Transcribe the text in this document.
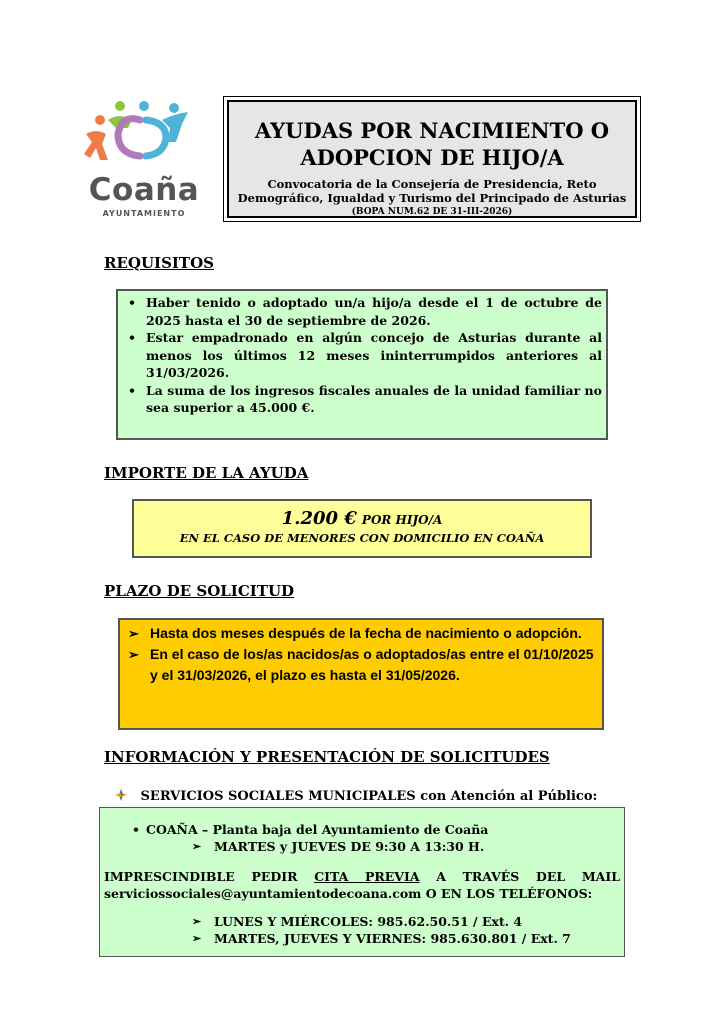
Coaña
AYUNTAMIENTO

AYUDAS POR NACIMIENTO O
ADOPCION DE HIJO/A

Convocatoria de la Consejería de Presidencia, Reto Demográfico, Igualdad y Turismo del Principado de Asturias

(BOPA NUM.62 DE 31-III-2026)

REQUISITOS
• Haber tenido o adoptado un/a hijo/a desde el 1 de octubre de 2025 hasta el 30 de septiembre de 2026.
• Estar empadronado en algún concejo de Asturias durante al menos los últimos 12 meses ininterrumpidos anteriores al 31/03/2026.
• La suma de los ingresos fiscales anuales de la unidad familiar no sea superior a 45.000 €.
IMPORTE DE LA AYUDA
1.200 € POR HIJO/A
EN EL CASO DE MENORES CON DOMICILIO EN COAÑA
PLAZO DE SOLICITUD
➢ Hasta dos meses después de la fecha de nacimiento o adopción.
➢ En el caso de los/as nacidos/as o adoptados/as entre el 01/10/2025 y el 31/03/2026, el plazo es hasta el 31/05/2026.
INFORMACIÓN Y PRESENTACIÓN DE SOLICITUDES
SERVICIOS SOCIALES MUNICIPALES con Atención al Público:
• COAÑA – Planta baja del Ayuntamiento de Coaña
➢ MARTES y JUEVES DE 9:30 A 13:30 H.
IMPRESCINDIBLE PEDIR CITA PREVIA A TRAVÉS DEL MAIL
serviciossociales@ayuntamientodecoana.com O EN LOS TELÉFONOS:
➢ LUNES Y MIÉRCOLES: 985.62.50.51 / Ext. 4
➢ MARTES, JUEVES Y VIERNES: 985.630.801 / Ext. 7
